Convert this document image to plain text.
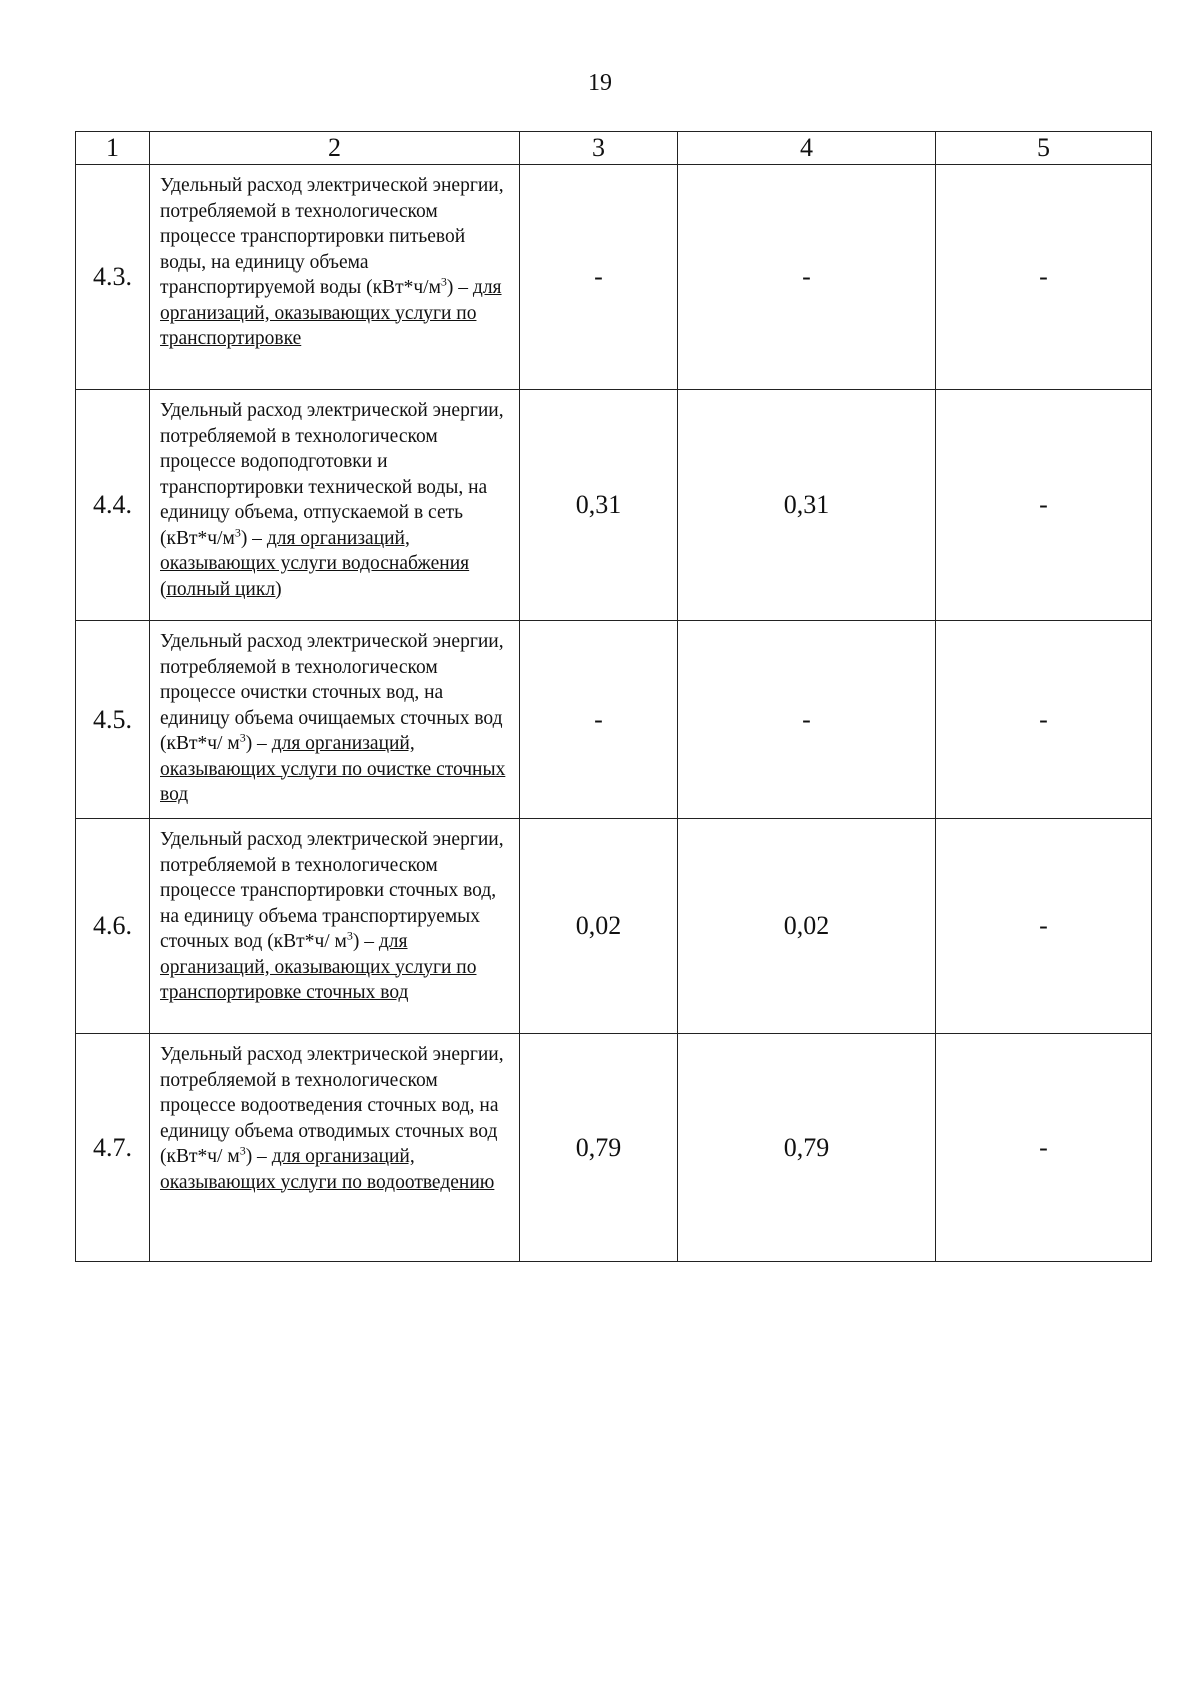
19
1	2	3	4	5
4.3.	Удельный расход электрической энергии, потребляемой в технологическом процессе транспортировки питьевой воды, на единицу объема транспортируемой воды $(кВт*ч/м^3)$ – для организаций, оказывающих услуги по транспортировке	-	-	-
4.4.	Удельный расход электрической энергии, потребляемой в технологическом процессе водоподготовки и транспортировки технической воды, на единицу объема, отпускаемой в сеть $(кВт*ч/м^3)$ – для организаций, оказывающих услуги водоснабжения (полный цикл)	0,31	0,31	-
4.5.	Удельный расход электрической энергии, потребляемой в технологическом процессе очистки сточных вод, на единицу объема очищаемых сточных вод (кВт*ч/ $м^3$) – для организаций, оказывающих услуги по очистке сточных вод	-	-	-
4.6.	Удельный расход электрической энергии, потребляемой в технологическом процессе транспортировки сточных вод, на единицу объема транспортируемых сточных вод (кВт*ч/ $м^3$) – для организаций, оказывающих услуги по транспортировке сточных вод	0,02	0,02	-
4.7.	Удельный расход электрической энергии, потребляемой в технологическом процессе водоотведения сточных вод, на единицу объема отводимых сточных вод (кВт*ч/ $м^3$) – для организаций, оказывающих услуги по водоотведению	0,79	0,79	-
